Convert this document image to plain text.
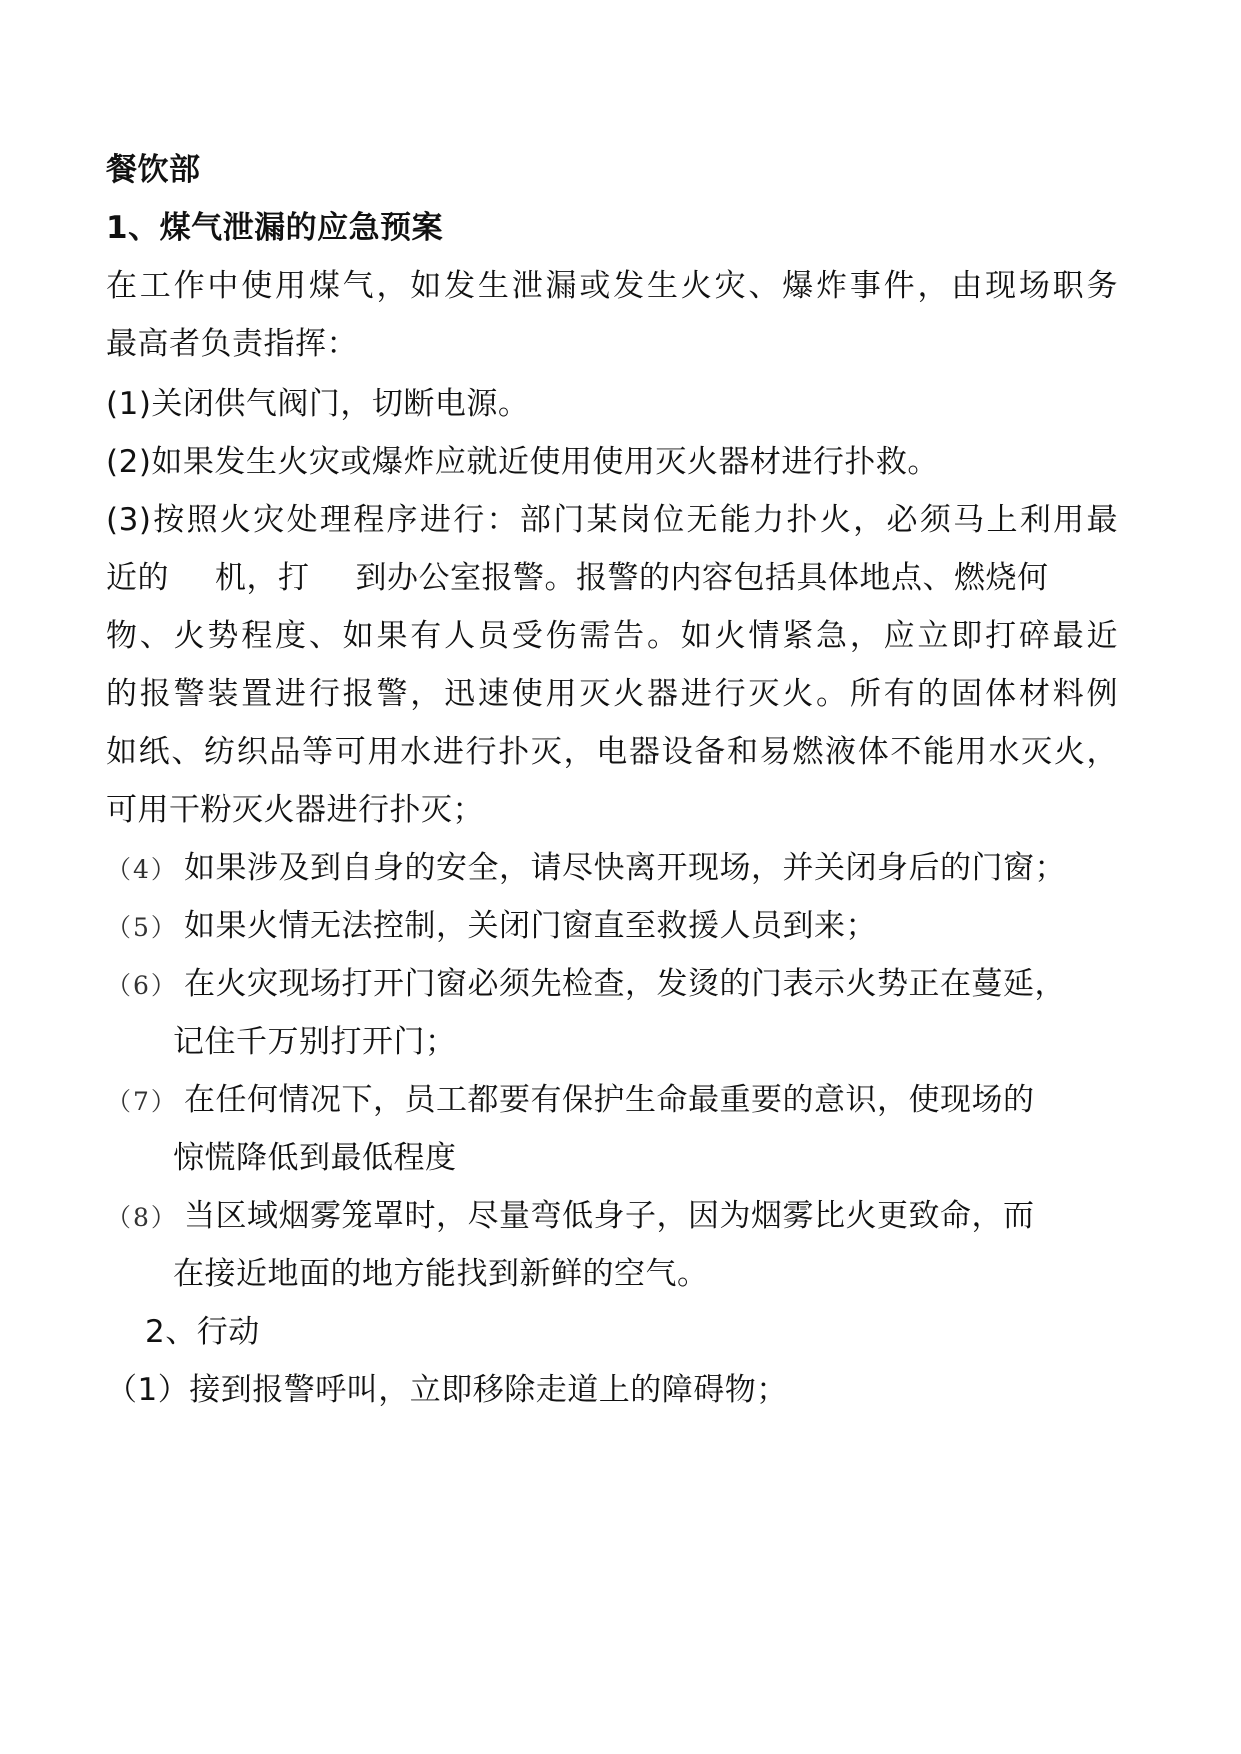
餐饮部
1、煤气泄漏的应急预案
在工作中使用煤气，如发生泄漏或发生火灾、爆炸事件，由现场职务
最高者负责指挥：
(1)关闭供气阀门，切断电源。
(2)如果发生火灾或爆炸应就近使用使用灭火器材进行扑救。
(3)按照火灾处理程序进行：部门某岗位无能力扑火，必须马上利用最
近的 机，打 到办公室报警。报警的内容包括具体地点、燃烧何
物、火势程度、如果有人员受伤需告。如火情紧急，应立即打碎最近
的报警装置进行报警，迅速使用灭火器进行灭火。所有的固体材料例
如纸、纺织品等可用水进行扑灭，电器设备和易燃液体不能用水灭火，
可用干粉灭火器进行扑灭；
（4） 如果涉及到自身的安全，请尽快离开现场，并关闭身后的门窗；
（5） 如果火情无法控制，关闭门窗直至救援人员到来；
（6） 在火灾现场打开门窗必须先检查，发烫的门表示火势正在蔓延，
记住千万别打开门；
（7） 在任何情况下，员工都要有保护生命最重要的意识，使现场的
惊慌降低到最低程度
（8） 当区域烟雾笼罩时，尽量弯低身子，因为烟雾比火更致命，而
在接近地面的地方能找到新鲜的空气。
2、行动
（1）接到报警呼叫，立即移除走道上的障碍物；
